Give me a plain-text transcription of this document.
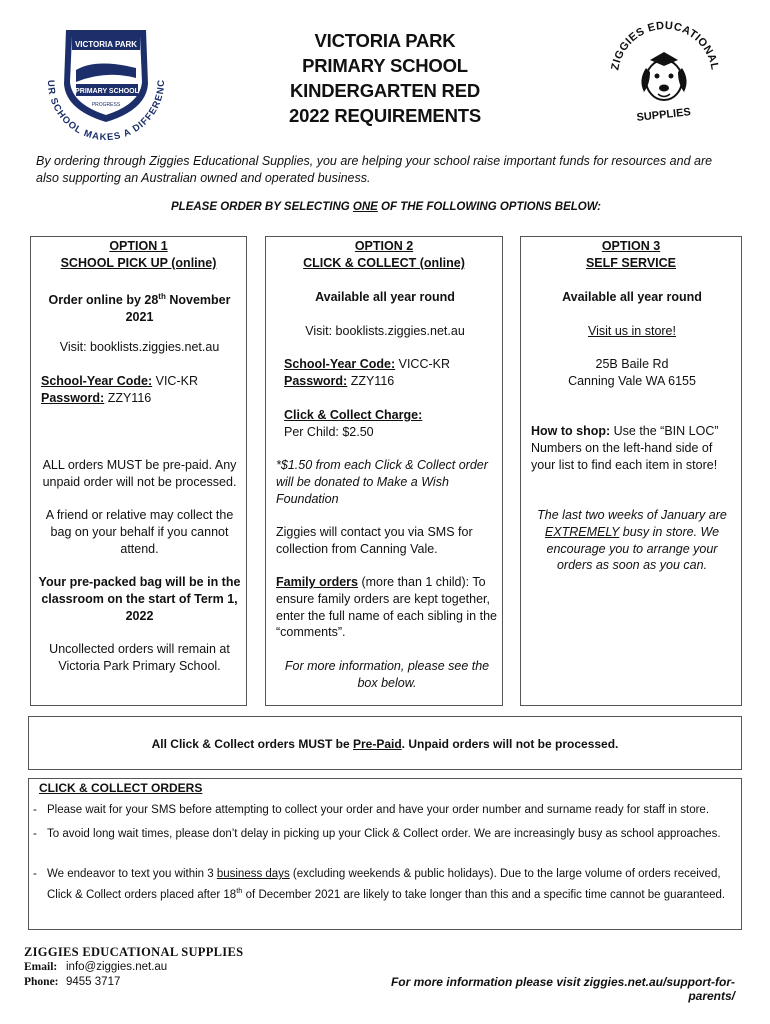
VICTORIA PARK
PRIMARY SCHOOL
PROGRESS
UR SCHOOL MAKES A DIFFERENC
VICTORIA PARK
PRIMARY SCHOOL
KINDERGARTEN RED
2022 REQUIREMENTS
ZIGGIES EDUCATIONAL
SUPPLIES
By ordering through Ziggies Educational Supplies, you are helping your school raise important funds for resources and are also supporting an Australian owned and operated business.
PLEASE ORDER BY SELECTING ONE OF THE FOLLOWING OPTIONS BELOW:
OPTION 1
SCHOOL PICK UP (online)

Order online by 28th November
2021

Visit: booklists.ziggies.net.au

School-Year Code: VIC-KR
Password: ZZY116

ALL orders MUST be pre-paid. Any unpaid order will not be processed.

A friend or relative may collect the bag on your behalf if you cannot attend.

Your pre-packed bag will be in the classroom on the start of Term 1, 2022

Uncollected orders will remain at Victoria Park Primary School.

OPTION 2
CLICK & COLLECT (online)

Available all year round

Visit: booklists.ziggies.net.au

School-Year Code: VICC-KR
Password: ZZY116

Click & Collect Charge:
Per Child: $2.50

*$1.50 from each Click & Collect order will be donated to Make a Wish Foundation

Ziggies will contact you via SMS for collection from Canning Vale.

Family orders (more than 1 child): To ensure family orders are kept together, enter the full name of each sibling in the “comments”.

For more information, please see the box below.

OPTION 3
SELF SERVICE

Available all year round

Visit us in store!

25B Baile Rd
Canning Vale WA 6155

How to shop: Use the “BIN LOC” Numbers on the left-hand side of your list to find each item in store!

The last two weeks of January are EXTREMELY busy in store. We encourage you to arrange your orders as soon as you can.

All Click & Collect orders MUST be Pre-Paid. Unpaid orders will not be processed.
CLICK & COLLECT ORDERS
- Please wait for your SMS before attempting to collect your order and have your order number and surname ready for staff in store.
- To avoid long wait times, please don’t delay in picking up your Click & Collect order. We are increasingly busy as school approaches.
- We endeavor to text you within 3 business days (excluding weekends & public holidays). Due to the large volume of orders received, Click & Collect orders placed after 18th of December 2021 are likely to take longer than this and a specific time cannot be guaranteed.
ZIGGIES EDUCATIONAL SUPPLIES
Email: info@ziggies.net.au
Phone: 9455 3717	For more information please visit ziggies.net.au/support-for-parents/
